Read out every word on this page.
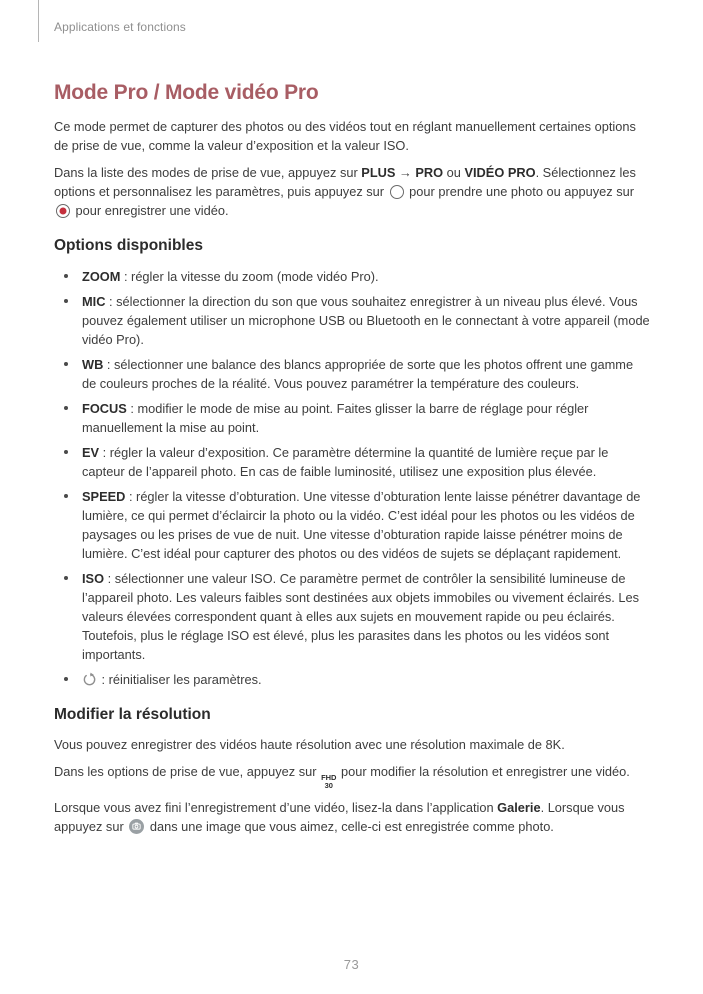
Applications et fonctions
Mode Pro / Mode vidéo Pro

Ce mode permet de capturer des photos ou des vidéos tout en réglant manuellement certaines options de prise de vue, comme la valeur d’exposition et la valeur ISO.

Dans la liste des modes de prise de vue, appuyez sur PLUS → PRO ou VIDÉO PRO. Sélectionnez les options et personnalisez les paramètres, puis appuyez sur  pour prendre une photo ou appuyez sur  pour enregistrer une vidéo.

Options disponibles
ZOOM : régler la vitesse du zoom (mode vidéo Pro).
MIC : sélectionner la direction du son que vous souhaitez enregistrer à un niveau plus élevé. Vous pouvez également utiliser un microphone USB ou Bluetooth en le connectant à votre appareil (mode vidéo Pro).
WB : sélectionner une balance des blancs appropriée de sorte que les photos offrent une gamme de couleurs proches de la réalité. Vous pouvez paramétrer la température des couleurs.
FOCUS : modifier le mode de mise au point. Faites glisser la barre de réglage pour régler manuellement la mise au point.
EV : régler la valeur d’exposition. Ce paramètre détermine la quantité de lumière reçue par le capteur de l’appareil photo. En cas de faible luminosité, utilisez une exposition plus élevée.
SPEED : régler la vitesse d’obturation. Une vitesse d’obturation lente laisse pénétrer davantage de lumière, ce qui permet d’éclaircir la photo ou la vidéo. C’est idéal pour les photos ou les vidéos de paysages ou les prises de vue de nuit. Une vitesse d’obturation rapide laisse pénétrer moins de lumière. C’est idéal pour capturer des photos ou des vidéos de sujets se déplaçant rapidement.
ISO : sélectionner une valeur ISO. Ce paramètre permet de contrôler la sensibilité lumineuse de l’appareil photo. Les valeurs faibles sont destinées aux objets immobiles ou vivement éclairés. Les valeurs élevées correspondent quant à elles aux sujets en mouvement rapide ou peu éclairés. Toutefois, plus le réglage ISO est élevé, plus les parasites dans les photos ou les vidéos sont importants.
: réinitialiser les paramètres.
Modifier la résolution

Vous pouvez enregistrer des vidéos haute résolution avec une résolution maximale de 8K.

Dans les options de prise de vue, appuyez sur FHD
30
pour modifier la résolution et enregistrer une vidéo.

Lorsque vous avez fini l’enregistrement d’une vidéo, lisez-la dans l’application Galerie. Lorsque vous appuyez sur
dans une image que vous aimez, celle-ci est enregistrée comme photo.

73
